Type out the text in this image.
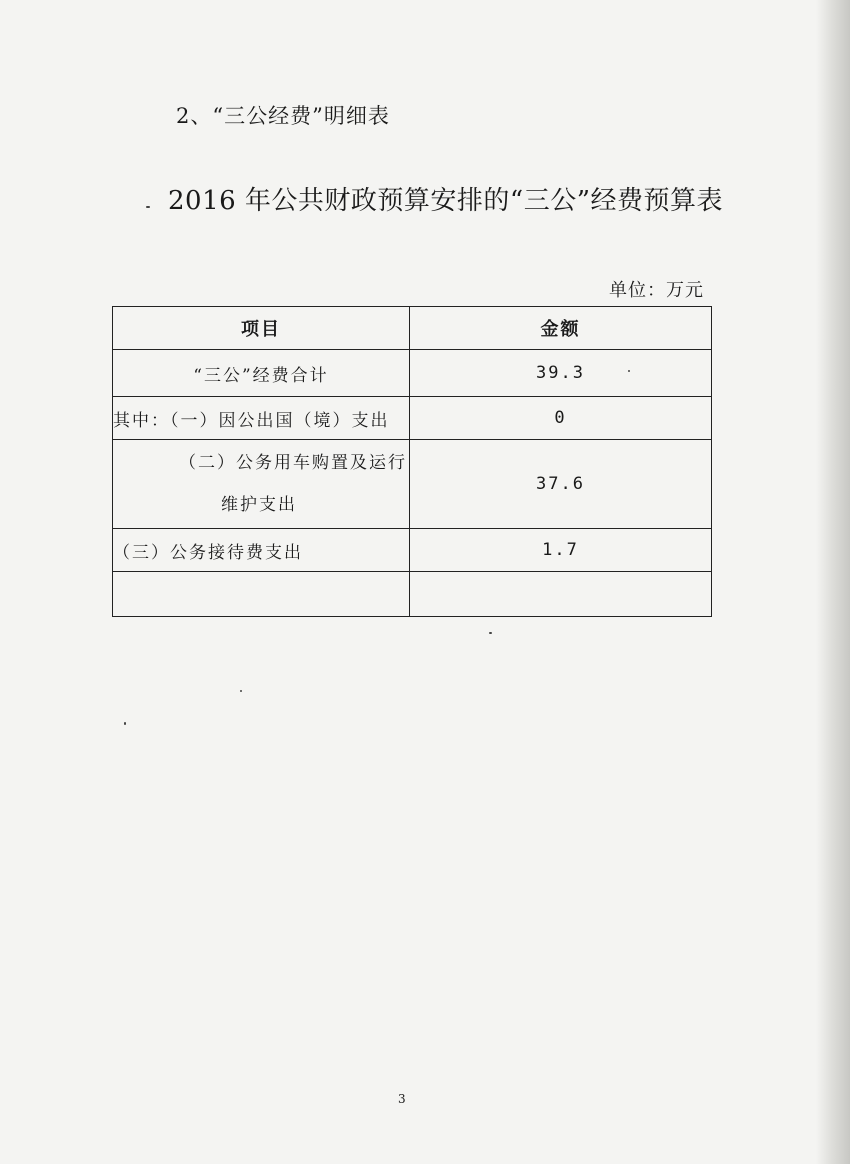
2、“三公经费”明细表
2016 年公共财政预算安排的“三公”经费预算表
单位：万元
项目	金额
“三公”经费合计	39.3
其中：（一）因公出国（境）支出	0

（二）公务用车购置及运行
维护支出	37.6
（三）公务接待费支出	1.7

3
